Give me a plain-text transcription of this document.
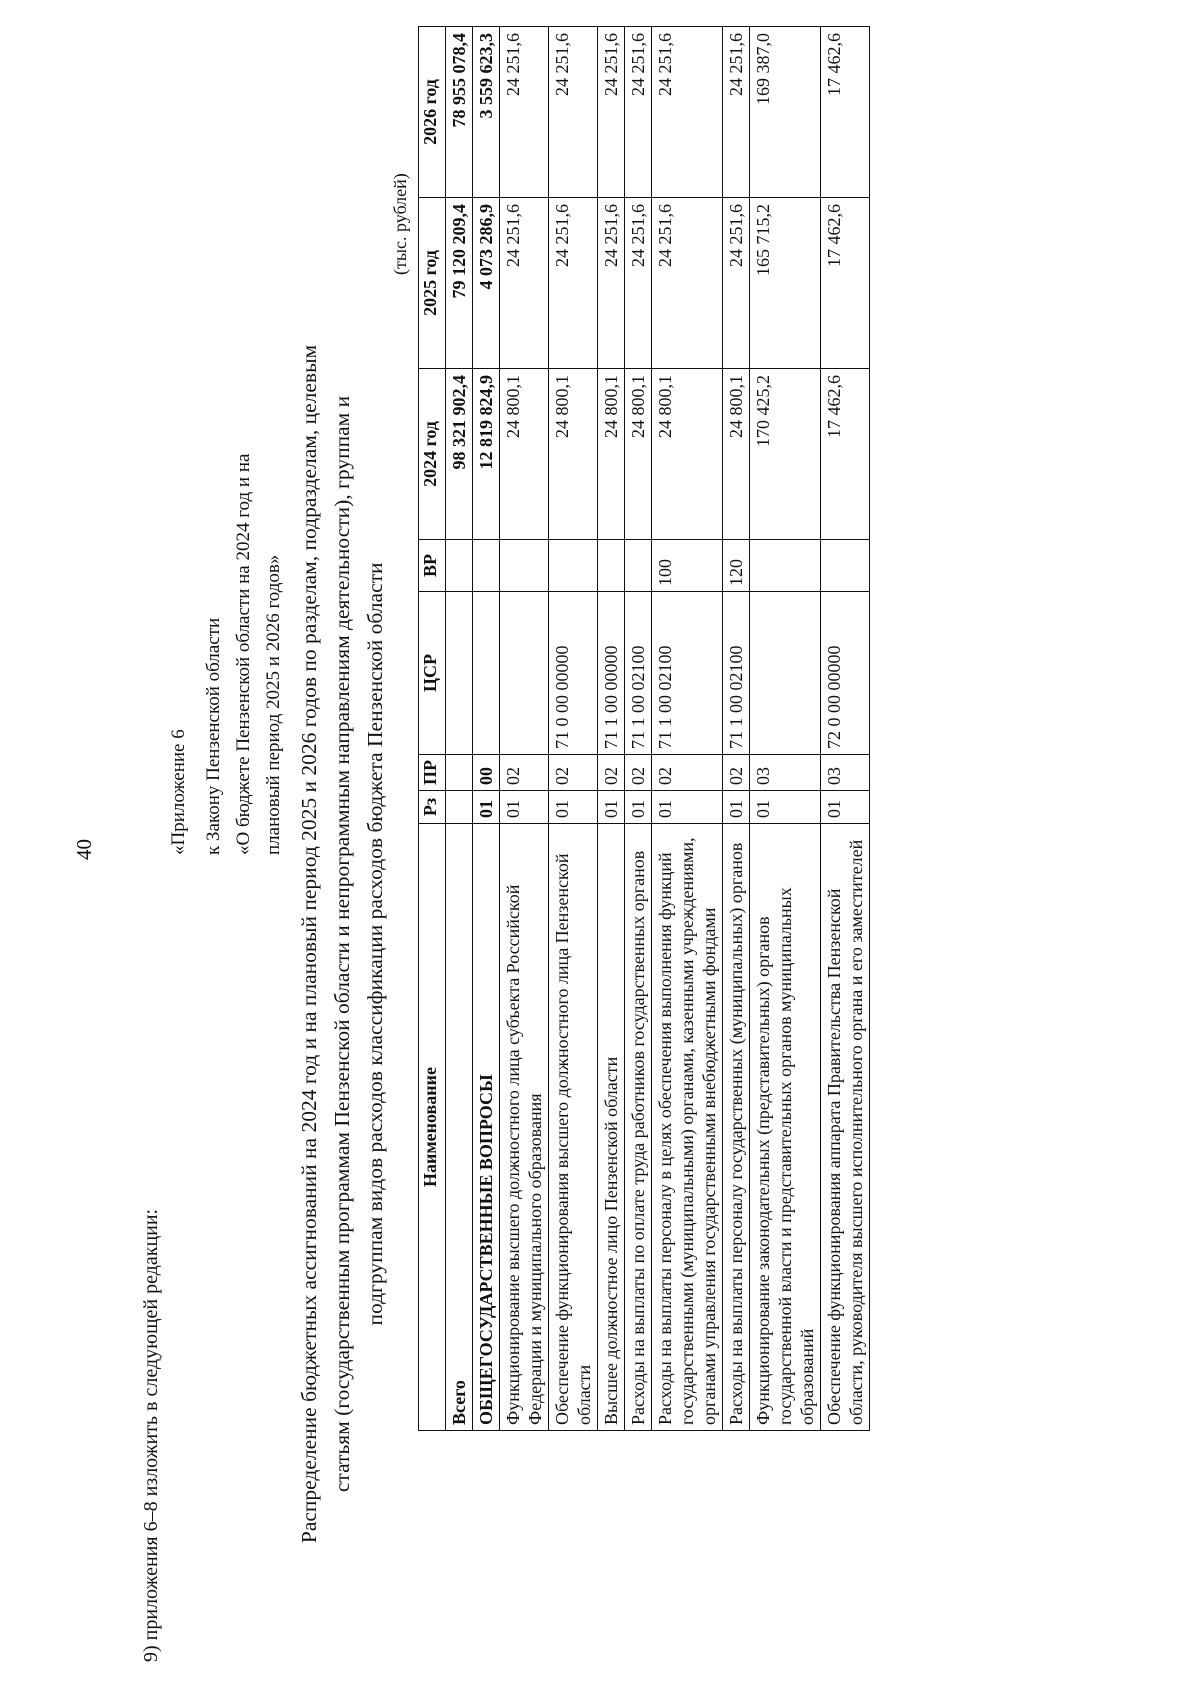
40
9) приложения 6–8 изложить в следующей редакции:
«Приложение 6 к Закону Пензенской области «О бюджете Пензенской области на 2024 год и на плановый период 2025 и 2026 годов» Распределение бюджетных ассигнований на 2024 год и на плановый период 2025 и 2026 годов по разделам, подразделам, целевым статьям (государственным программам Пензенской области и непрограммным направлениям деятельности), группам и подгруппам видов расходов классификации расходов бюджета Пензенской области
(тыс. рублей)
Наименование	Рз	ПР	ЦСР	ВР	2024 год	2025 год	2026 год
Всего					98 321 902,4	79 120 209,4	78 955 078,4
ОБЩЕГОСУДАРСТВЕННЫЕ ВОПРОСЫ	01	00			12 819 824,9	4 073 286,9	3 559 623,3
Функционирование высшего должностного лица субъекта Российской Федерации и муниципального образования	01	02			24 800,1	24 251,6	24 251,6
Обеспечение функционирования высшего должностного лица Пензенской области	01	02	71 0 00 00000		24 800,1	24 251,6	24 251,6
Высшее должностное лицо Пензенской области	01	02	71 1 00 00000		24 800,1	24 251,6	24 251,6
Расходы на выплаты по оплате труда работников государственных органов	01	02	71 1 00 02100		24 800,1	24 251,6	24 251,6
Расходы на выплаты персоналу в целях обеспечения выполнения функций государственными (муниципальными) органами, казенными учреждениями, органами управления государственными внебюджетными фондами	01	02	71 1 00 02100	100	24 800,1	24 251,6	24 251,6
Расходы на выплаты персоналу государственных (муниципальных) органов	01	02	71 1 00 02100	120	24 800,1	24 251,6	24 251,6
Функционирование законодательных (представительных) органов государственной власти и представительных органов муниципальных образований	01	03			170 425,2	165 715,2	169 387,0
Обеспечение функционирования аппарата Правительства Пензенской области, руководителя высшего исполнительного органа и его заместителей	01	03	72 0 00 00000		17 462,6	17 462,6	17 462,6
